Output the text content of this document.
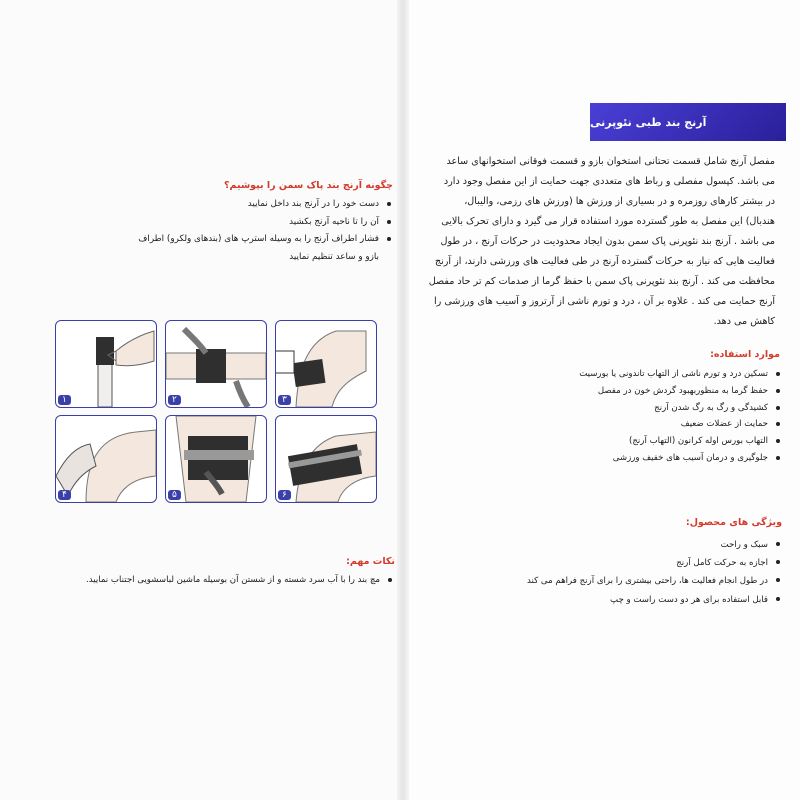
آرنج بند طبی نئوپرنی
مفصل آرنج شامل قسمت تحتانی استخوان بازو و قسمت فوقانی استخوانهای ساعد
می باشد. کپسول مفصلی و رباط های متعددی جهت حمایت از این مفصل وجود دارد
در بیشتر کارهای روزمره و در بسیاری از ورزش ها (ورزش های رزمی، والیبال،
هندبال) این مفصل به طور گسترده مورد استفاده قرار می گیرد و دارای تحرک بالایی
می باشد . آرنج بند نئوپرنی پاک سمن بدون ایجاد محدودیت در حرکات آرنج ، در طول
فعالیت هایی که نیاز به حرکات گسترده آرنج در طی فعالیت های ورزشی دارند، از آرنج
محافظت می کند . آرنج بند نئوپرنی پاک سمن با حفظ گرما از صدمات کم تر حاد مفصل
آرنج حمایت می کند . علاوه بر آن ، درد و تورم ناشی از آرتروز و آسیب های ورزشی را
کاهش می دهد.
موارد استفاده:
تسکین درد و تورم ناشی از التهاب تاندونی یا بورسیت
حفظ گرما به منظوربهبود گردش خون در مفصل
کشیدگی و رگ به رگ شدن آرنج
حمایت از عضلات ضعیف
التهاب بورس اوله کرانون (التهاب آرنج)
جلوگیری و درمان آسیب های خفیف ورزشی
ویژگی های محصول:
سبک و راحت
اجازه به حرکت کامل آرنج
در طول انجام فعالیت ها، راحتی بیشتری را برای آرنج فراهم می کند
قابل استفاده برای هر دو دست راست و چپ
چگونه آرنج بند پاک سمن را بپوشیم؟
دست خود را در آرنج بند داخل نمایید
آن را تا ناحیه آرنج بکشید
فشار اطراف آرنج را به وسیله استرپ های (بندهای ولکرو) اطراف بازو و ساعد تنظیم نمایید
۱	۲	۳
۴	۵	۶
نکات مهم:
مچ بند را با آب سرد شسته و از شستن آن بوسیله ماشین لباسشویی اجتناب نمایید.
